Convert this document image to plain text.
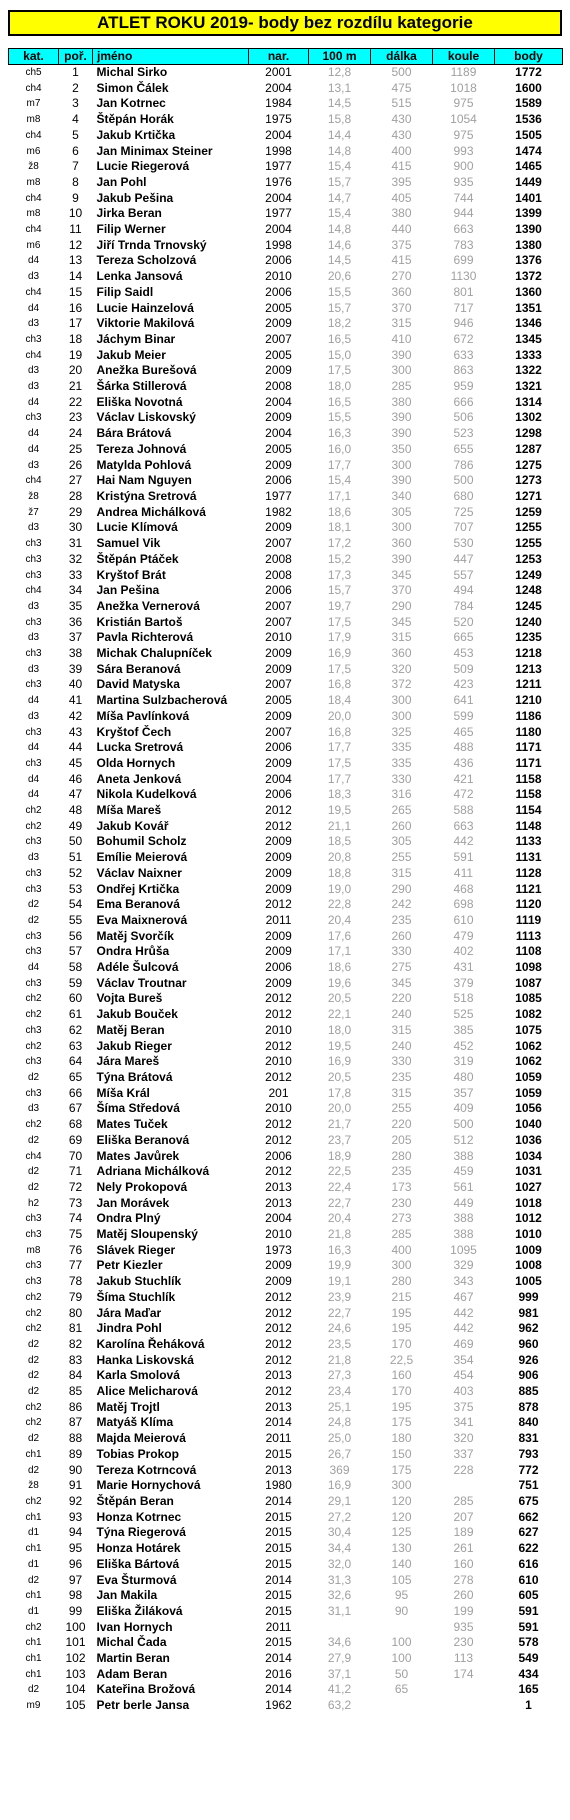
ATLET ROKU 2019- body bez rozdílu kategorie
kat.	poř.	jméno	nar.	100 m	dálka	koule	body
ch5	1	Michal Sirko	2001	12,8	500	1189	1772
ch4	2	Simon Čálek	2004	13,1	475	1018	1600
m7	3	Jan Kotrnec	1984	14,5	515	975	1589
m8	4	Štěpán Horák	1975	15,8	430	1054	1536
ch4	5	Jakub Krtička	2004	14,4	430	975	1505
m6	6	Jan Minimax Steiner	1998	14,8	400	993	1474
ž8	7	Lucie Riegerová	1977	15,4	415	900	1465
m8	8	Jan Pohl	1976	15,7	395	935	1449
ch4	9	Jakub Pešina	2004	14,7	405	744	1401
m8	10	Jirka Beran	1977	15,4	380	944	1399
ch4	11	Filip Werner	2004	14,8	440	663	1390
m6	12	Jiří Trnda Trnovský	1998	14,6	375	783	1380
d4	13	Tereza Scholzová	2006	14,5	415	699	1376
d3	14	Lenka Jansová	2010	20,6	270	1130	1372
ch4	15	Filip Saidl	2006	15,5	360	801	1360
d4	16	Lucie Hainzelová	2005	15,7	370	717	1351
d3	17	Viktorie Makilová	2009	18,2	315	946	1346
ch3	18	Jáchym Binar	2007	16,5	410	672	1345
ch4	19	Jakub Meier	2005	15,0	390	633	1333
d3	20	Anežka Burešová	2009	17,5	300	863	1322
d3	21	Šárka Stillerová	2008	18,0	285	959	1321
d4	22	Eliška Novotná	2004	16,5	380	666	1314
ch3	23	Václav Liskovský	2009	15,5	390	506	1302
d4	24	Bára Brátová	2004	16,3	390	523	1298
d4	25	Tereza Johnová	2005	16,0	350	655	1287
d3	26	Matylda Pohlová	2009	17,7	300	786	1275
ch4	27	Hai Nam Nguyen	2006	15,4	390	500	1273
ž8	28	Kristýna Sretrová	1977	17,1	340	680	1271
ž7	29	Andrea Michálková	1982	18,6	305	725	1259
d3	30	Lucie Klímová	2009	18,1	300	707	1255
ch3	31	Samuel Vik	2007	17,2	360	530	1255
ch3	32	Štěpán Ptáček	2008	15,2	390	447	1253
ch3	33	Kryštof Brát	2008	17,3	345	557	1249
ch4	34	Jan Pešina	2006	15,7	370	494	1248
d3	35	Anežka Vernerová	2007	19,7	290	784	1245
ch3	36	Kristián Bartoš	2007	17,5	345	520	1240
d3	37	Pavla Richterová	2010	17,9	315	665	1235
ch3	38	Michak Chalupníček	2009	16,9	360	453	1218
d3	39	Sára Beranová	2009	17,5	320	509	1213
ch3	40	David Matyska	2007	16,8	372	423	1211
d4	41	Martina Sulzbacherová	2005	18,4	300	641	1210
d3	42	Míša Pavlínková	2009	20,0	300	599	1186
ch3	43	Kryštof Čech	2007	16,8	325	465	1180
d4	44	Lucka Sretrová	2006	17,7	335	488	1171
ch3	45	Olda Hornych	2009	17,5	335	436	1171
d4	46	Aneta Jenková	2004	17,7	330	421	1158
d4	47	Nikola Kudelková	2006	18,3	316	472	1158
ch2	48	Míša Mareš	2012	19,5	265	588	1154
ch2	49	Jakub Kovář	2012	21,1	260	663	1148
ch3	50	Bohumil Scholz	2009	18,5	305	442	1133
d3	51	Emílie Meierová	2009	20,8	255	591	1131
ch3	52	Václav Naixner	2009	18,8	315	411	1128
ch3	53	Ondřej Krtička	2009	19,0	290	468	1121
d2	54	Ema Beranová	2012	22,8	242	698	1120
d2	55	Eva Maixnerová	2011	20,4	235	610	1119
ch3	56	Matěj Svorčík	2009	17,6	260	479	1113
ch3	57	Ondra Hrůša	2009	17,1	330	402	1108
d4	58	Adéle Šulcová	2006	18,6	275	431	1098
ch3	59	Václav Troutnar	2009	19,6	345	379	1087
ch2	60	Vojta Bureš	2012	20,5	220	518	1085
ch2	61	Jakub Bouček	2012	22,1	240	525	1082
ch3	62	Matěj Beran	2010	18,0	315	385	1075
ch2	63	Jakub Rieger	2012	19,5	240	452	1062
ch3	64	Jára Mareš	2010	16,9	330	319	1062
d2	65	Týna Brátová	2012	20,5	235	480	1059
ch3	66	Míša Král	201	17,8	315	357	1059
d3	67	Šíma Středová	2010	20,0	255	409	1056
ch2	68	Mates Tuček	2012	21,7	220	500	1040
d2	69	Eliška Beranová	2012	23,7	205	512	1036
ch4	70	Mates Javůrek	2006	18,9	280	388	1034
d2	71	Adriana Michálková	2012	22,5	235	459	1031
d2	72	Nely Prokopová	2013	22,4	173	561	1027
h2	73	Jan Morávek	2013	22,7	230	449	1018
ch3	74	Ondra Plný	2004	20,4	273	388	1012
ch3	75	Matěj Sloupenský	2010	21,8	285	388	1010
m8	76	Slávek Rieger	1973	16,3	400	1095	1009
ch3	77	Petr Kiezler	2009	19,9	300	329	1008
ch3	78	Jakub Stuchlík	2009	19,1	280	343	1005
ch2	79	Šíma Stuchlík	2012	23,9	215	467	999
ch2	80	Jára Maďar	2012	22,7	195	442	981
ch2	81	Jindra Pohl	2012	24,6	195	442	962
d2	82	Karolína Řeháková	2012	23,5	170	469	960
d2	83	Hanka Liskovská	2012	21,8	22,5	354	926
d2	84	Karla Smolová	2013	27,3	160	454	906
d2	85	Alice Melicharová	2012	23,4	170	403	885
ch2	86	Matěj Trojtl	2013	25,1	195	375	878
ch2	87	Matyáš Klíma	2014	24,8	175	341	840
d2	88	Majda Meierová	2011	25,0	180	320	831
ch1	89	Tobias Prokop	2015	26,7	150	337	793
d2	90	Tereza Kotrncová	2013	369	175	228	772
ž8	91	Marie Hornychová	1980	16,9	300		751
ch2	92	Štěpán Beran	2014	29,1	120	285	675
ch1	93	Honza Kotrnec	2015	27,2	120	207	662
d1	94	Týna Riegerová	2015	30,4	125	189	627
ch1	95	Honza Hotárek	2015	34,4	130	261	622
d1	96	Eliška Bártová	2015	32,0	140	160	616
d2	97	Eva Šturmová	2014	31,3	105	278	610
ch1	98	Jan Makila	2015	32,6	95	260	605
d1	99	Eliška Žiláková	2015	31,1	90	199	591
ch2	100	Ivan Hornych	2011			935	591
ch1	101	Michal Čada	2015	34,6	100	230	578
ch1	102	Martin Beran	2014	27,9	100	113	549
ch1	103	Adam Beran	2016	37,1	50	174	434
d2	104	Kateřina Brožová	2014	41,2	65		165
m9	105	Petr berle Jansa	1962	63,2			1
